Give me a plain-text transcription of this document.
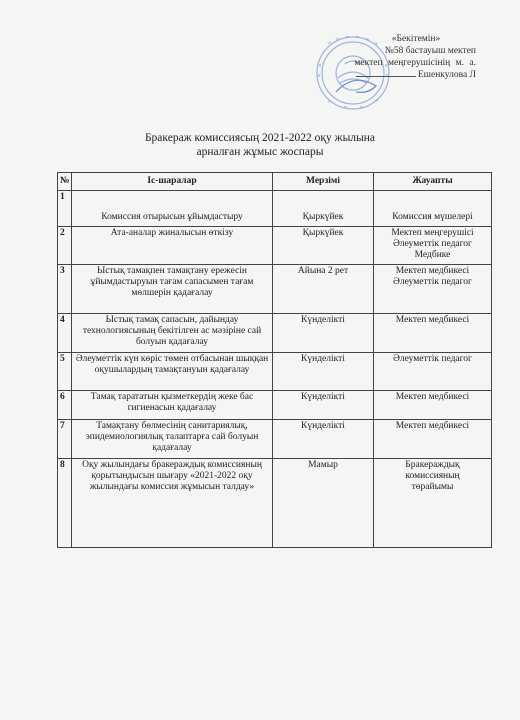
«Бекітемін»
№58 бастауыш мектеп
мектеп меңгерушісінің м. а.
Ешенкулова Л
Бракераж комиссиясың 2021-2022 оқу жылына
арналған жұмыс жоспары
№	Іс-шаралар	Мерзімі	Жауапты
1	Комиссия отырысын ұйымдастыру	Қыркүйек	Комиссия мүшелері

2	Ата-аналар жиналысын өткізу	Қыркүйек	Мектеп меңгерушісі
Әлеуметтік педагог
Медбике

3	Ыстық тамақпен тамақтану ережесін ұйымдастыруын тағам сапасымен тағам мөлшерін қадағалау	Айына 2 рет	Мектеп медбикесі
Әлеуметтік педагог

4	Ыстық тамақ сапасын, дайындау технологиясының бекітілген ас мәзіріне сай болуын қадағалау	Күнделікті	Мектеп медбикесі

5	Әлеуметтік күн көріс төмен отбасынан шыққан оқушылардың тамақтануын қадағалау	Күнделікті	Әлеуметтік педагог

6	Тамақ тарататын қызметкердің жеке бас гигиенасын қадағалау	Күнделікті	Мектеп медбикесі

7	Тамақтану бөлмесінің санитариялық, эпидемиологиялық талаптарға сай болуын қадағалау	Күнделікті	Мектеп медбикесі

8	Оқу жылындағы бракераждық комиссияның қорытындысын шығару «2021-2022 оқу жылындағы комиссия жұмысын талдау»	Мамыр	Бракераждық
комиссияның
төрайымы
